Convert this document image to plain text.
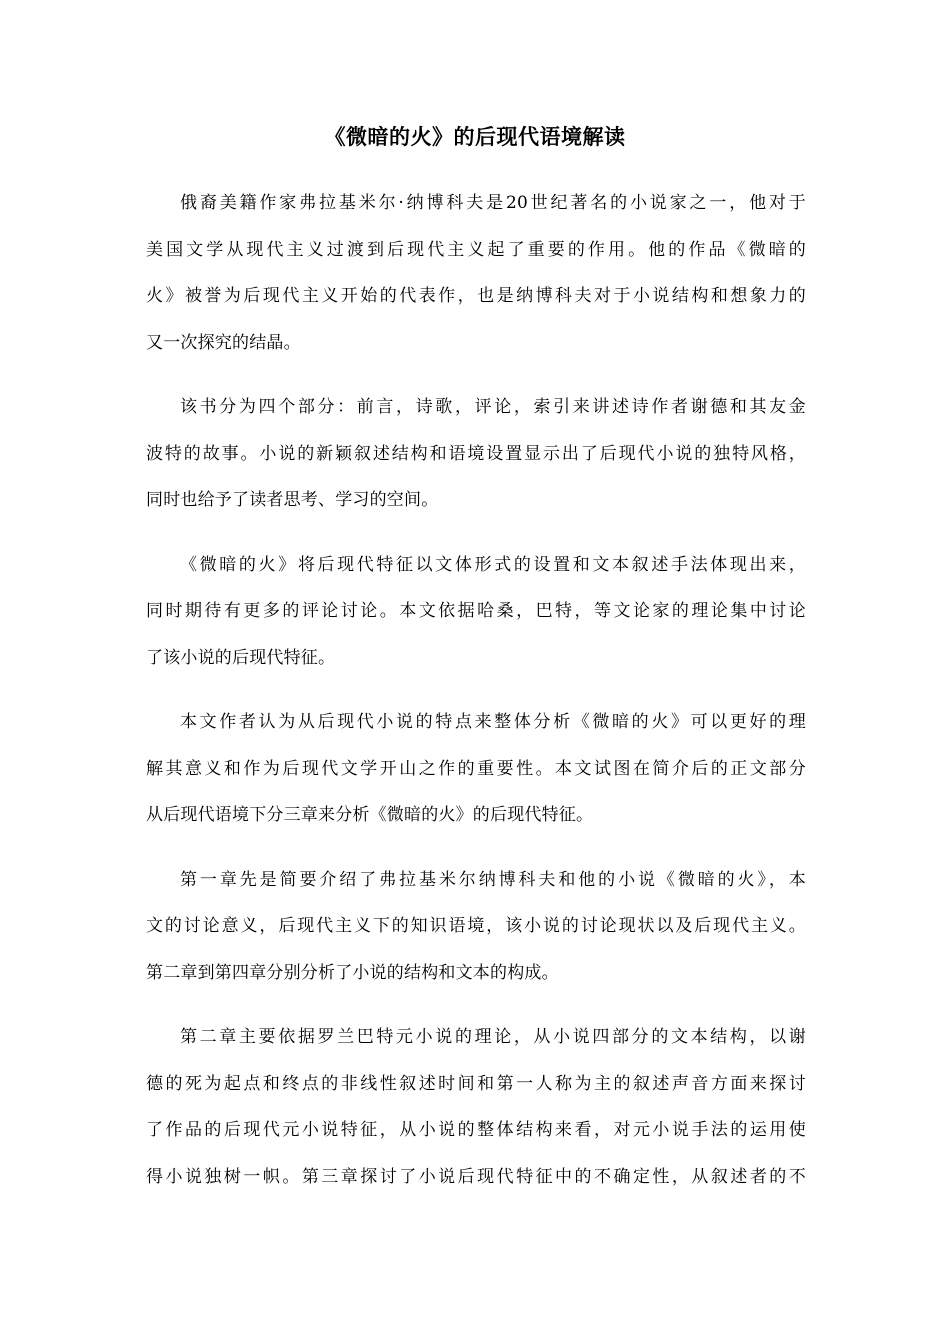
《微暗的火》的后现代语境解读
俄裔美籍作家弗拉基米尔·纳博科夫是20世纪著名的小说家之一，他对于
美国文学从现代主义过渡到后现代主义起了重要的作用。他的作品《微暗的
火》被誉为后现代主义开始的代表作，也是纳博科夫对于小说结构和想象力的
又一次探究的结晶。
该书分为四个部分：前言，诗歌，评论，索引来讲述诗作者谢德和其友金
波特的故事。小说的新颖叙述结构和语境设置显示出了后现代小说的独特风格，
同时也给予了读者思考、学习的空间。
《微暗的火》将后现代特征以文体形式的设置和文本叙述手法体现出来，
同时期待有更多的评论讨论。本文依据哈桑，巴特，等文论家的理论集中讨论
了该小说的后现代特征。
本文作者认为从后现代小说的特点来整体分析《微暗的火》可以更好的理
解其意义和作为后现代文学开山之作的重要性。本文试图在简介后的正文部分
从后现代语境下分三章来分析《微暗的火》的后现代特征。
第一章先是简要介绍了弗拉基米尔纳博科夫和他的小说《微暗的火》，本
文的讨论意义，后现代主义下的知识语境，该小说的讨论现状以及后现代主义。
第二章到第四章分别分析了小说的结构和文本的构成。
第二章主要依据罗兰巴特元小说的理论，从小说四部分的文本结构，以谢
德的死为起点和终点的非线性叙述时间和第一人称为主的叙述声音方面来探讨
了作品的后现代元小说特征，从小说的整体结构来看，对元小说手法的运用使
得小说独树一帜。第三章探讨了小说后现代特征中的不确定性，从叙述者的不
